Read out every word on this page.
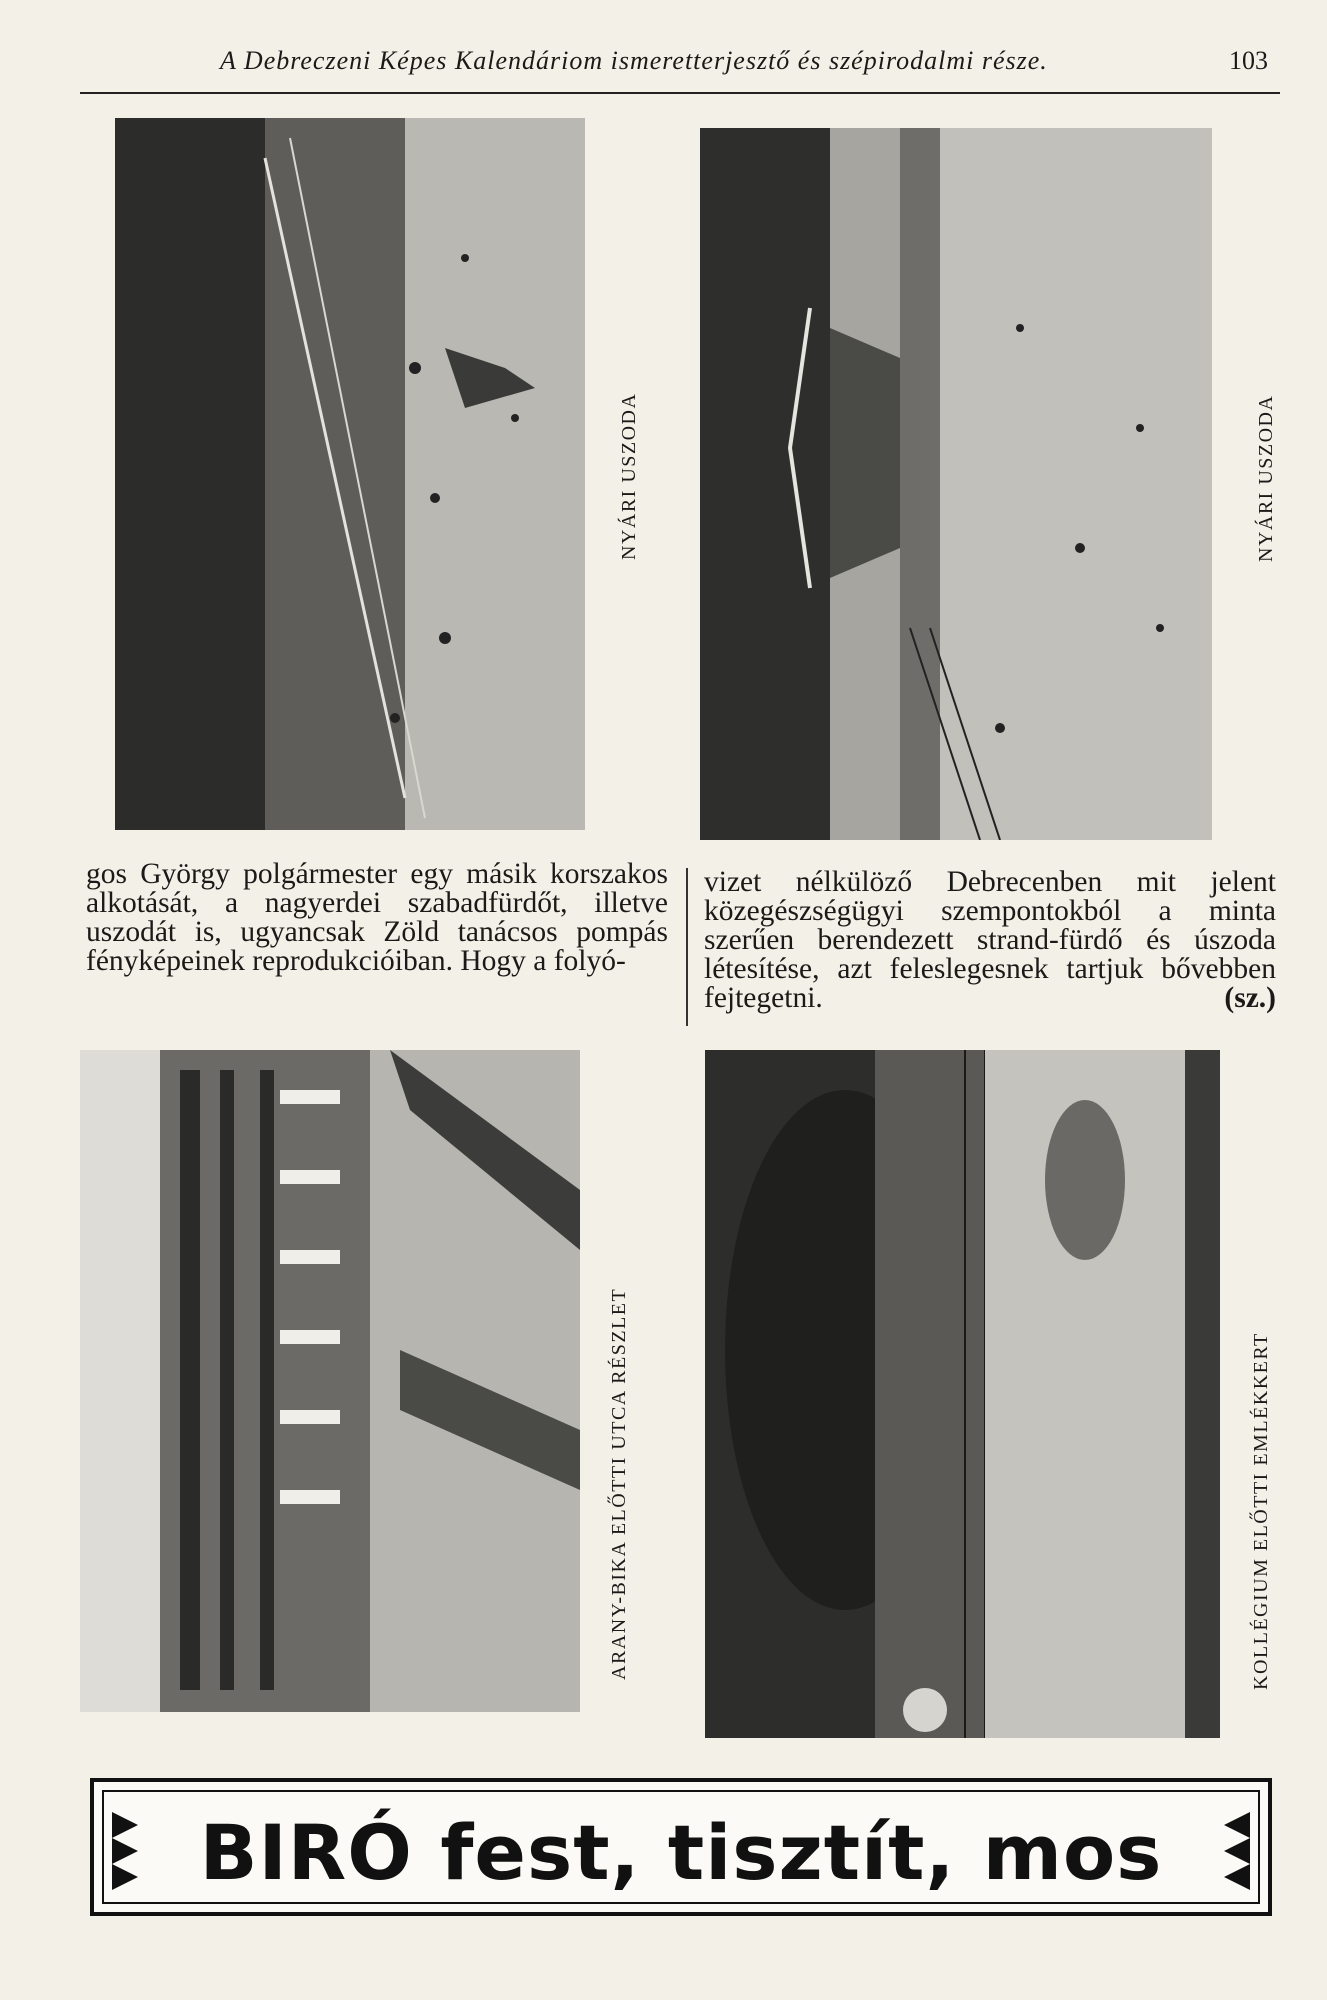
A Debreczeni Képes Kalendáriom ismeretterjesztő és szépirodalmi része.	103
NYÁRI USZODA	NYÁRI USZODA

gos György polgármester egy másik korszakos alkotását, a nagyerdei szabadfürdőt, illetve uszodát is, ugyancsak Zöld tanácsos pompás fényképeinek reprodukcióiban. Hogy a folyó-

vizet nélkülöző Debrecenben mit jelent közegészségügyi szempontokból a minta szerűen berendezett strand-fürdő és úszoda létesítése, azt feleslegesnek tartjuk bővebben fejtegetni.	(sz.)

ARANY-BIKA ELŐTTI UTCA RÉSZLET	KOLLÉGIUM ELŐTTI EMLÉKKERT
BIRÓ fest, tisztít, mos
